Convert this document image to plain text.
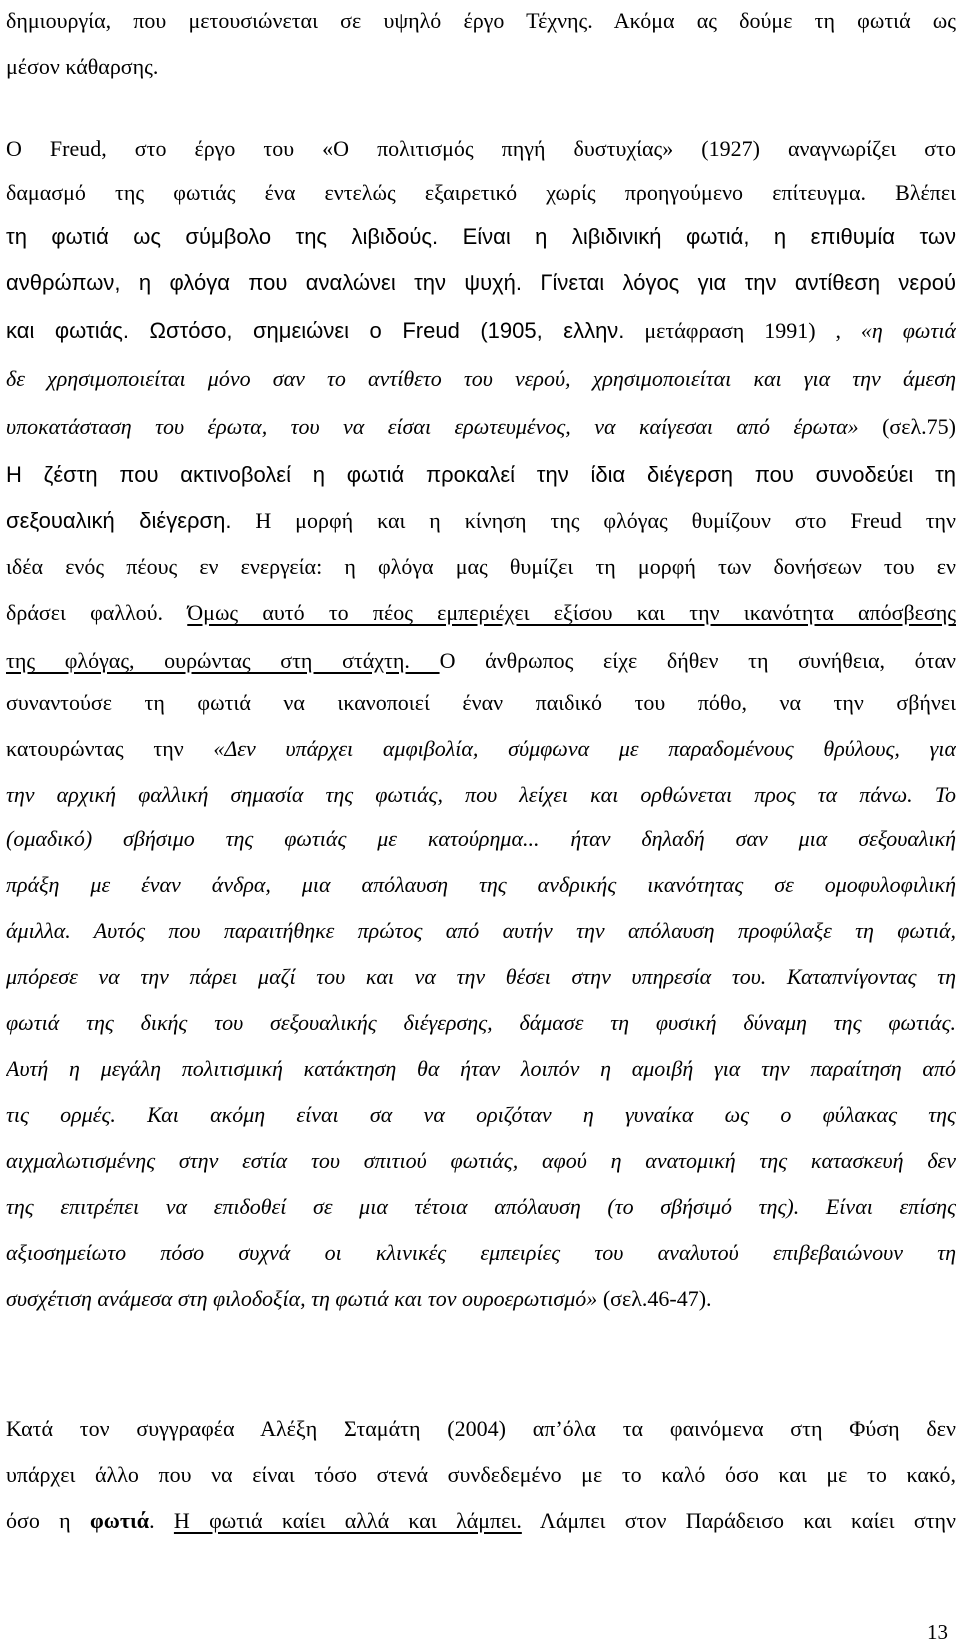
δημιουργία, που μετουσιώνεται σε υψηλό έργο Τέχνης. Ακόμα ας δούμε τη φωτιά ως
μέσον κάθαρσης.
Ο Freud, στο έργο του «Ο πολιτισμός πηγή δυστυχίας» (1927) αναγνωρίζει στο
δαμασμό της φωτιάς ένα εντελώς εξαιρετικό χωρίς προηγούμενο επίτευγμα. Βλέπει
τη φωτιά ως σύμβολο της λιβιδούς. Είναι η λιβιδινική φωτιά, η επιθυμία των
ανθρώπων, η φλόγα που αναλώνει την ψυχή. Γίνεται λόγος για την αντίθεση νερού
και φωτιάς. Ωστόσο, σημειώνει ο Freud (1905, ελλην. μετάφραση 1991) , «η φωτιά
δε χρησιμοποιείται μόνο σαν το αντίθετο του νερού, χρησιμοποιείται και για την άμεση
υποκατάσταση του έρωτα, του να είσαι ερωτευμένος, να καίγεσαι από έρωτα» (σελ.75)
Η ζέστη που ακτινοβολεί η φωτιά προκαλεί την ίδια διέγερση που συνοδεύει τη
σεξουαλική διέγερση. Η μορφή και η κίνηση της φλόγας θυμίζουν στο Freud την
ιδέα ενός πέους εν ενεργεία: η φλόγα μας θυμίζει τη μορφή των δονήσεων του εν
δράσει φαλλού. Όμως αυτό το πέος εμπεριέχει εξίσου και την ικανότητα απόσβεσης
της φλόγας, ουρώντας στη στάχτη. Ο άνθρωπος είχε δήθεν τη συνήθεια, όταν
συναντούσε τη φωτιά να ικανοποιεί έναν παιδικό του πόθο, να την σβήνει
κατουρώντας την «Δεν υπάρχει αμφιβολία, σύμφωνα με παραδομένους θρύλους, για
την αρχική φαλλική σημασία της φωτιάς, που λείχει και ορθώνεται προς τα πάνω. Το
(ομαδικό) σβήσιμο της φωτιάς με κατούρημα... ήταν δηλαδή σαν μια σεξουαλική
πράξη με έναν άνδρα, μια απόλαυση της ανδρικής ικανότητας σε ομοφυλοφιλική
άμιλλα. Αυτός που παραιτήθηκε πρώτος από αυτήν την απόλαυση προφύλαξε τη φωτιά,
μπόρεσε να την πάρει μαζί του και να την θέσει στην υπηρεσία του. Καταπνίγοντας τη
φωτιά της δικής του σεξουαλικής διέγερσης, δάμασε τη φυσική δύναμη της φωτιάς.
Αυτή η μεγάλη πολιτισμική κατάκτηση θα ήταν λοιπόν η αμοιβή για την παραίτηση από
τις ορμές. Και ακόμη είναι σα να οριζόταν η γυναίκα ως ο φύλακας της
αιχμαλωτισμένης στην εστία του σπιτιού φωτιάς, αφού η ανατομική της κατασκευή δεν
της επιτρέπει να επιδοθεί σε μια τέτοια απόλαυση (το σβήσιμό της). Είναι επίσης
αξιοσημείωτο πόσο συχνά οι κλινικές εμπειρίες του αναλυτού επιβεβαιώνουν τη
συσχέτιση ανάμεσα στη φιλοδοξία, τη φωτιά και τον ουροερωτισμό» (σελ.46-47).
Κατά τον συγγραφέα Αλέξη Σταμάτη (2004) απ’όλα τα φαινόμενα στη Φύση δεν
υπάρχει άλλο που να είναι τόσο στενά συνδεδεμένο με το καλό όσο και με το κακό,
όσο η φωτιά. Η φωτιά καίει αλλά και λάμπει. Λάμπει στον Παράδεισο και καίει στην
13
